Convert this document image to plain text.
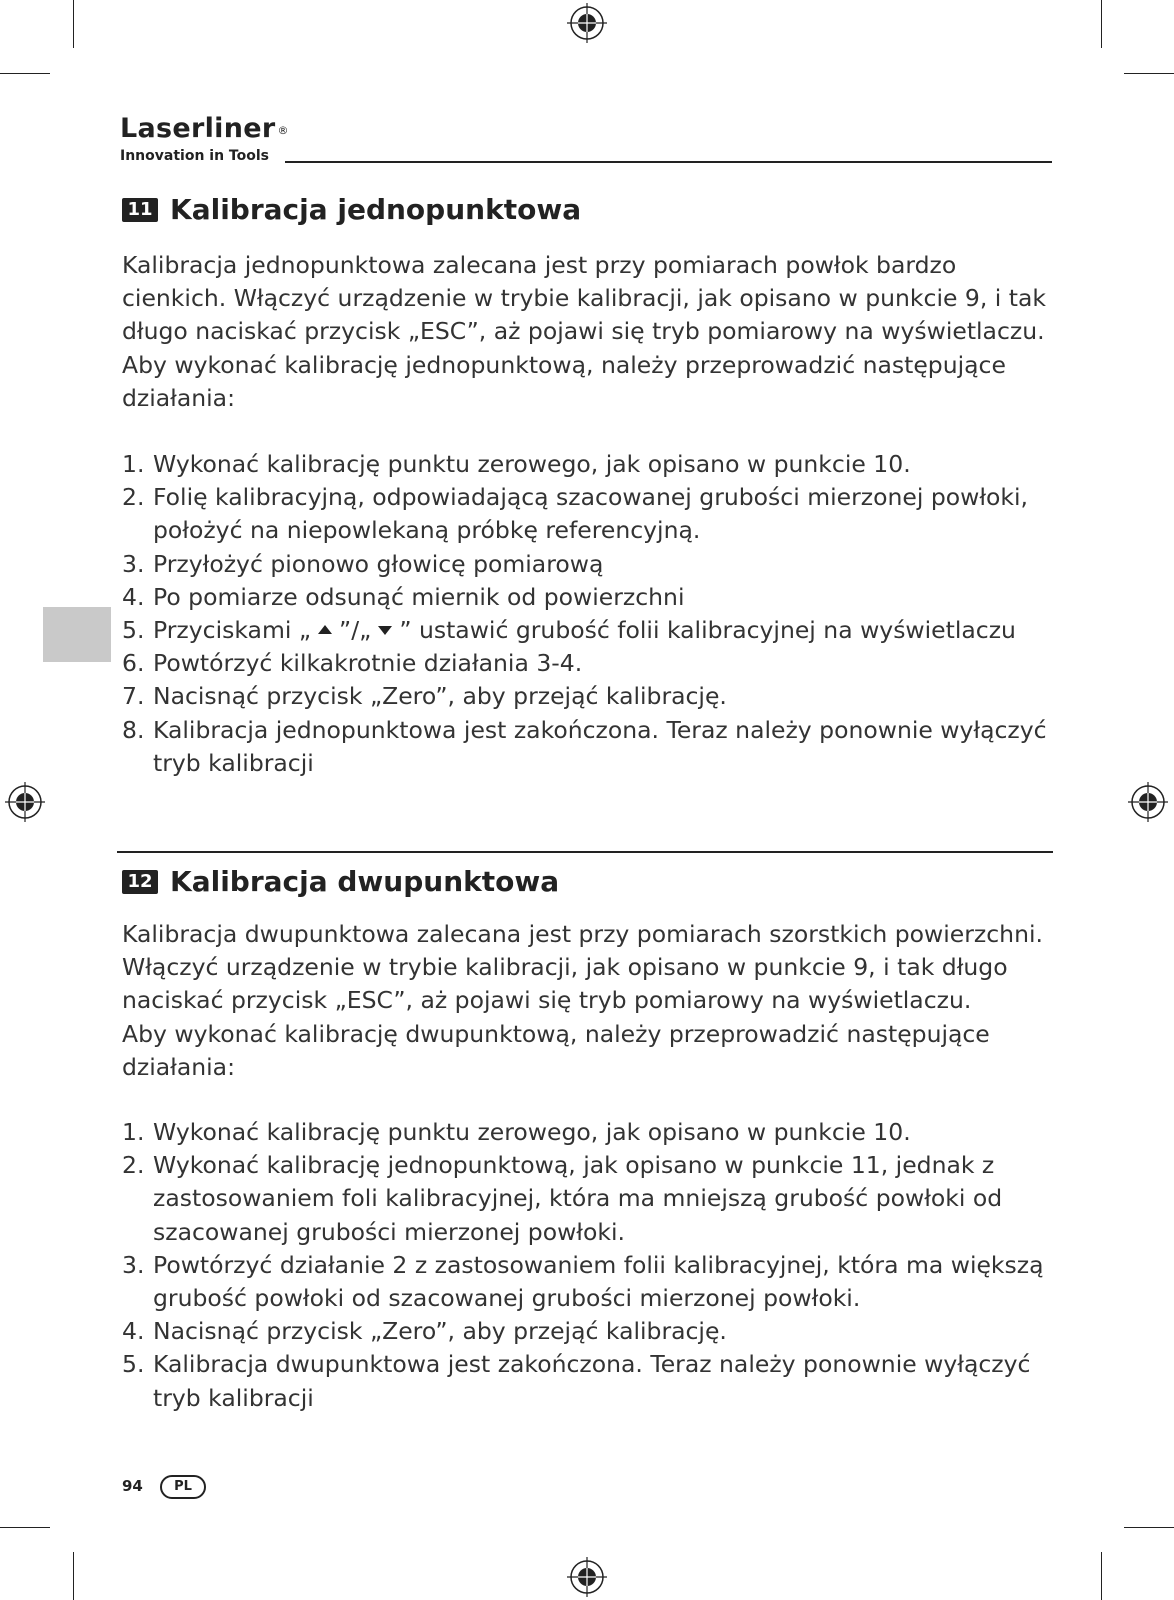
Laserliner ®
Innovation in Tools
11 Kalibracja jednopunktowa

Kalibracja jednopunktowa zalecana jest przy pomiarach powłok bardzo

cienkich. Włączyć urządzenie w trybie kalibracji, jak opisano w punkcie 9, i tak

długo naciskać przycisk „ESC”, aż pojawi się tryb pomiarowy na wyświetlaczu.

Aby wykonać kalibrację jednopunktową, należy przeprowadzić następujące

działania:

1. Wykonać kalibrację punktu zerowego, jak opisano w punkcie 10.
2. Folię kalibracyjną, odpowiadającą szacowanej grubości mierzonej powłoki,
położyć na niepowlekaną próbkę referencyjną.
3. Przyłożyć pionowo głowicę pomiarową
4. Po pomiarze odsunąć miernik od powierzchni
5. Przyciskami „ ”/„ ” ustawić grubość folii kalibracyjnej na wyświetlaczu
6. Powtórzyć kilkakrotnie działania 3-4.
7. Nacisnąć przycisk „Zero”, aby przejąć kalibrację.
8. Kalibracja jednopunktowa jest zakończona. Teraz należy ponownie wyłączyć
tryb kalibracji
12 Kalibracja dwupunktowa

Kalibracja dwupunktowa zalecana jest przy pomiarach szorstkich powierzchni.

Włączyć urządzenie w trybie kalibracji, jak opisano w punkcie 9, i tak długo

naciskać przycisk „ESC”, aż pojawi się tryb pomiarowy na wyświetlaczu.

Aby wykonać kalibrację dwupunktową, należy przeprowadzić następujące

działania:

1. Wykonać kalibrację punktu zerowego, jak opisano w punkcie 10.
2. Wykonać kalibrację jednopunktową, jak opisano w punkcie 11, jednak z
zastosowaniem foli kalibracyjnej, która ma mniejszą grubość powłoki od
szacowanej grubości mierzonej powłoki.
3. Powtórzyć działanie 2 z zastosowaniem folii kalibracyjnej, która ma większą
grubość powłoki od szacowanej grubości mierzonej powłoki.
4. Nacisnąć przycisk „Zero”, aby przejąć kalibrację.
5. Kalibracja dwupunktowa jest zakończona. Teraz należy ponownie wyłączyć
tryb kalibracji
94	PL
